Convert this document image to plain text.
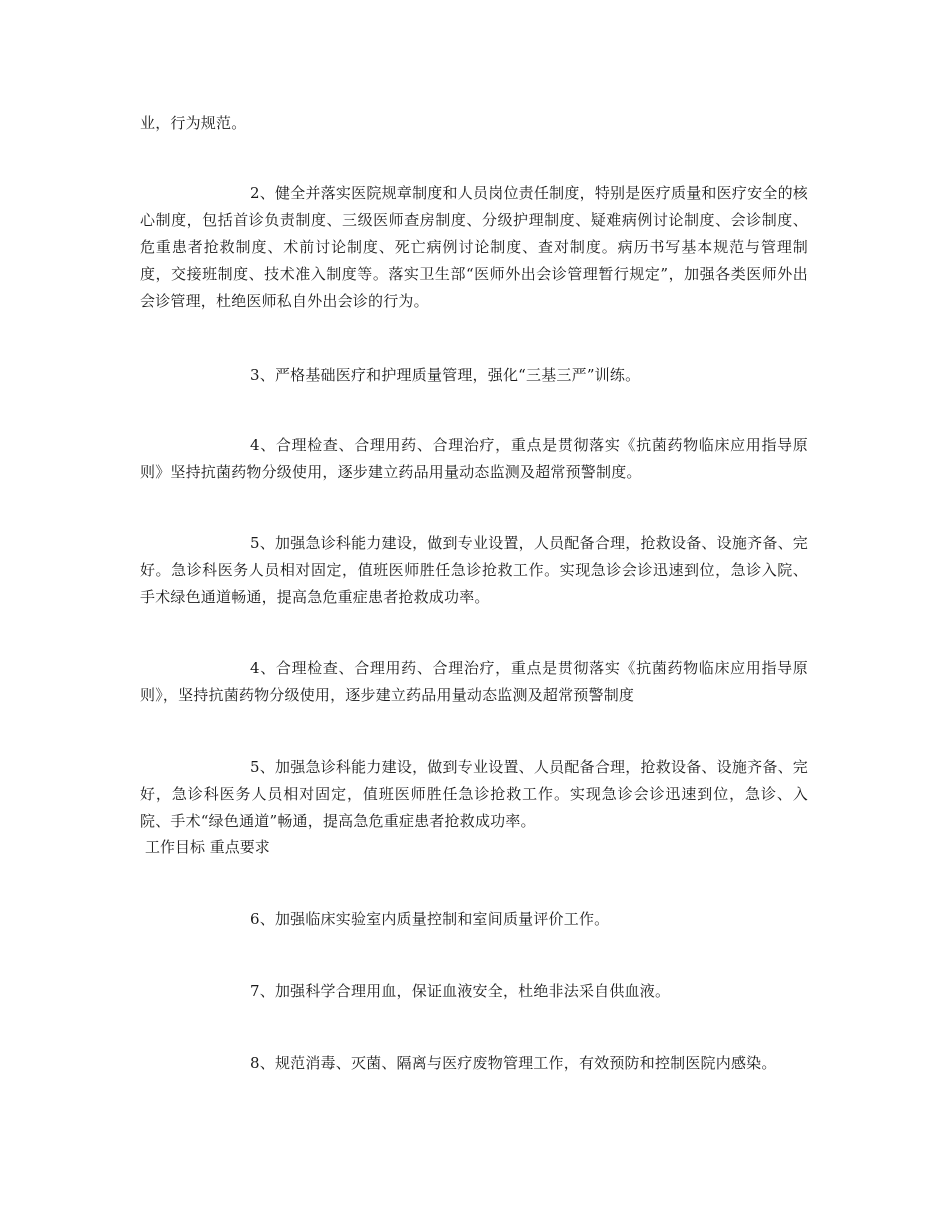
业，行为规范。
2、健全并落实医院规章制度和人员岗位责任制度，特别是医疗质量和医疗安全的核心制度，包括首诊负责制度、三级医师查房制度、分级护理制度、疑难病例讨论制度、会诊制度、危重患者抢救制度、术前讨论制度、死亡病例讨论制度、查对制度。病历书写基本规范与管理制度，交接班制度、技术准入制度等。落实卫生部“医师外出会诊管理暂行规定”，加强各类医师外出会诊管理，杜绝医师私自外出会诊的行为。
3、严格基础医疗和护理质量管理，强化“三基三严”训练。
4、合理检查、合理用药、合理治疗，重点是贯彻落实《抗菌药物临床应用指导原则》坚持抗菌药物分级使用，逐步建立药品用量动态监测及超常预警制度。
5、加强急诊科能力建设，做到专业设置，人员配备合理，抢救设备、设施齐备、完好。急诊科医务人员相对固定，值班医师胜任急诊抢救工作。实现急诊会诊迅速到位，急诊入院、手术绿色通道畅通，提高急危重症患者抢救成功率。
4、合理检查、合理用药、合理治疗，重点是贯彻落实《抗菌药物临床应用指导原则》，坚持抗菌药物分级使用，逐步建立药品用量动态监测及超常预警制度
5、加强急诊科能力建设，做到专业设置、人员配备合理，抢救设备、设施齐备、完好，急诊科医务人员相对固定，值班医师胜任急诊抢救工作。实现急诊会诊迅速到位，急诊、入院、手术“绿色通道”畅通，提高急危重症患者抢救成功率。
工作目标 重点要求
6、加强临床实验室内质量控制和室间质量评价工作。
7、加强科学合理用血，保证血液安全，杜绝非法采自供血液。
8、规范消毒、灭菌、隔离与医疗废物管理工作，有效预防和控制医院内感染。
